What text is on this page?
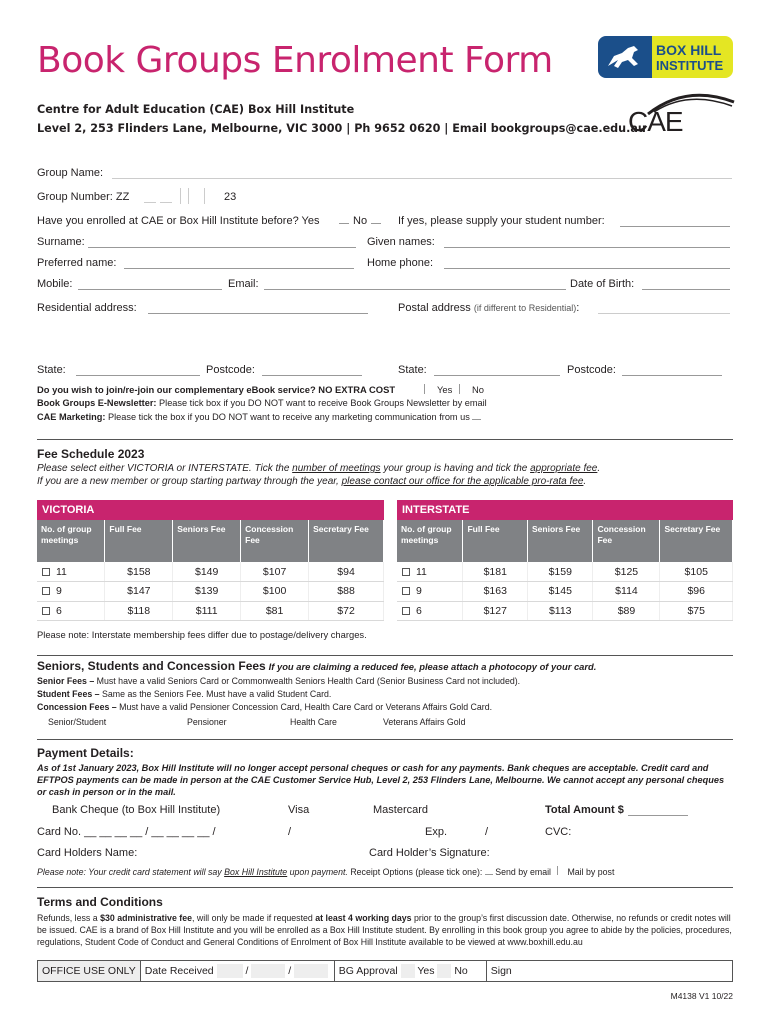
Book Groups Enrolment Form
Centre for Adult Education (CAE) Box Hill Institute
Level 2, 253 Flinders Lane, Melbourne, VIC 3000 | Ph 9652 0620 | Email bookgroups@cae.edu.au
BOX HILL
INSTITUTE
CAE
Group Name:
Group Number: ZZ	23
Have you enrolled at CAE or Box Hill Institute before? Yes	No	If yes, please supply your student number:
Surname:	Given names:
Preferred name:	Home phone:
Mobile:	Email:	Date of Birth:
Residential address:	Postal address (if different to Residential):
State:	Postcode:	State:	Postcode:
Do you wish to join/re-join our complementary eBook service? NO EXTRA COST	Yes No
Book Groups E-Newsletter: Please tick box if you DO NOT want to receive Book Groups Newsletter by email
CAE Marketing: Please tick the box if you DO NOT want to receive any marketing communication from us
Fee Schedule 2023
Please select either VICTORIA or INTERSTATE. Tick the number of meetings your group is having and tick the appropriate fee.
If you are a new member or group starting partway through the year, please contact our office for the applicable pro-rata fee.
VICTORIA
No. of group meetings	Full Fee	Seniors Fee	Concession Fee	Secretary Fee
11	$158	$149	$107	$94
9	$147	$139	$100	$88
6	$118	$111	$81	$72
INTERSTATE
No. of group meetings	Full Fee	Seniors Fee	Concession Fee	Secretary Fee
11	$181	$159	$125	$105
9	$163	$145	$114	$96
6	$127	$113	$89	$75
Please note: Interstate membership fees differ due to postage/delivery charges.
Seniors, Students and Concession Fees If you are claiming a reduced fee, please attach a photocopy of your card.
Senior Fees – Must have a valid Seniors Card or Commonwealth Seniors Health Card (Senior Business Card not included).
Student Fees – Same as the Seniors Fee. Must have a valid Student Card.
Concession Fees – Must have a valid Pensioner Concession Card, Health Care Card or Veterans Affairs Gold Card.
Senior/Student	Pensioner	Health Care	Veterans Affairs Gold
Payment Details:
As of 1st January 2023, Box Hill Institute will no longer accept personal cheques or cash for any payments. Bank cheques are acceptable. Credit card and EFTPOS payments can be made in person at the CAE Customer Service Hub, Level 2, 253 Flinders Lane, Melbourne. We cannot accept any personal cheques or cash in person or in the mail.
Bank Cheque (to Box Hill Institute)	Visa	Mastercard	Total Amount $
Card No. __ __ __ __ / __ __ __ __ /	/	Exp.	/	CVC:
Card Holders Name:	Card Holder’s Signature:
Please note: Your credit card statement will say Box Hill Institute upon payment. Receipt Options (please tick one): Send by email Mail by post
Terms and Conditions
Refunds, less a $30 administrative fee, will only be made if requested at least 4 working days prior to the group’s first discussion date. Otherwise, no refunds or credit notes will be issued. CAE is a brand of Box Hill Institute and you will be enrolled as a Box Hill Institute student. By enrolling in this book group you agree to abide by the policies, procedures, regulations, Student Code of Conduct and General Conditions of Enrolment of Box Hill Institute available to be viewed at www.boxhill.edu.au
OFFICE USE ONLY Date Received	/	/	BG Approval Yes No	Sign
M4138 V1 10/22
